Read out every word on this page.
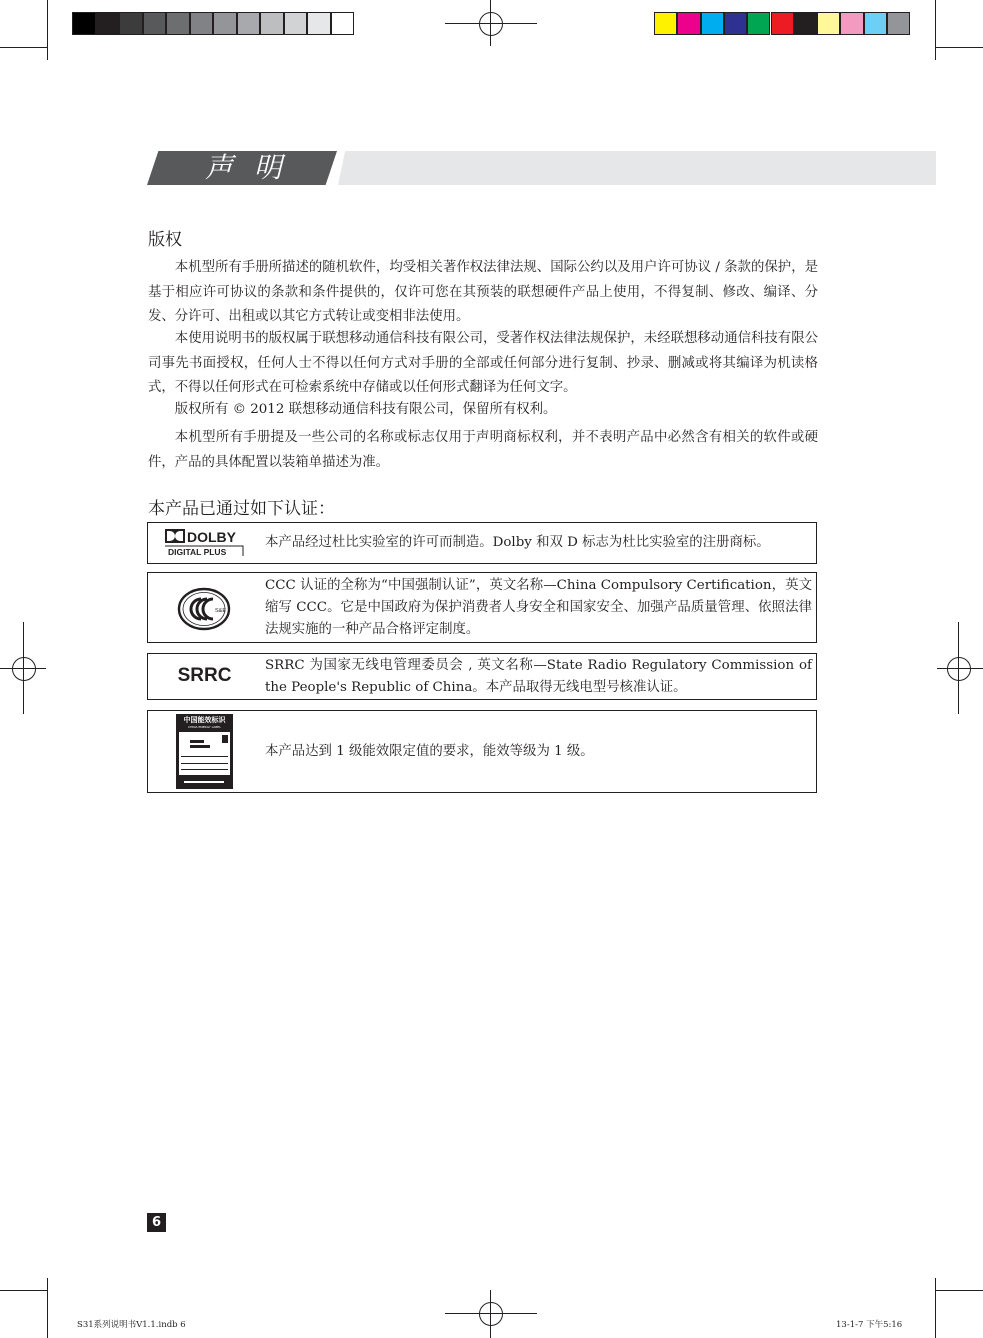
声 明
版权

本机型所有手册所描述的随机软件，均受相关著作权法律法规、国际公约以及用户许可协议 / 条款的保护，是基于相应许可协议的条款和条件提供的，仅许可您在其预装的联想硬件产品上使用，不得复制、修改、编译、分发、分许可、出租或以其它方式转让或变相非法使用。

本使用说明书的版权属于联想移动通信科技有限公司，受著作权法律法规保护，未经联想移动通信科技有限公司事先书面授权，任何人士不得以任何方式对手册的全部或任何部分进行复制、抄录、删减或将其编译为机读格式，不得以任何形式在可检索系统中存储或以任何形式翻译为任何文字。

版权所有 © 2012 联想移动通信科技有限公司，保留所有权利。

本机型所有手册提及一些公司的名称或标志仅用于声明商标权利，并不表明产品中必然含有相关的软件或硬件，产品的具体配置以装箱单描述为准。

本产品已通过如下认证：
DOLBY
DIGITAL PLUS

本产品经过杜比实验室的许可而制造。Dolby 和双 D 标志为杜比实验室的注册商标。

S&E

CCC 认证的全称为“中国强制认证”，英文名称—China Compulsory Certification，英文缩写 CCC。它是中国政府为保护消费者人身安全和国家安全、加强产品质量管理、依照法律法规实施的一种产品合格评定制度。

SRRC	SRRC 为国家无线电管理委员会 , 英文名称—State Radio Regulatory Commission of the People's Republic of China。本产品取得无线电型号核准认证。

中国能效标识
CHINA ENERGY LABEL

本产品达到 1 级能效限定值的要求，能效等级为 1 级。

6
S31系列说明书V1.1.indb 6	13-1-7 下午5:16
